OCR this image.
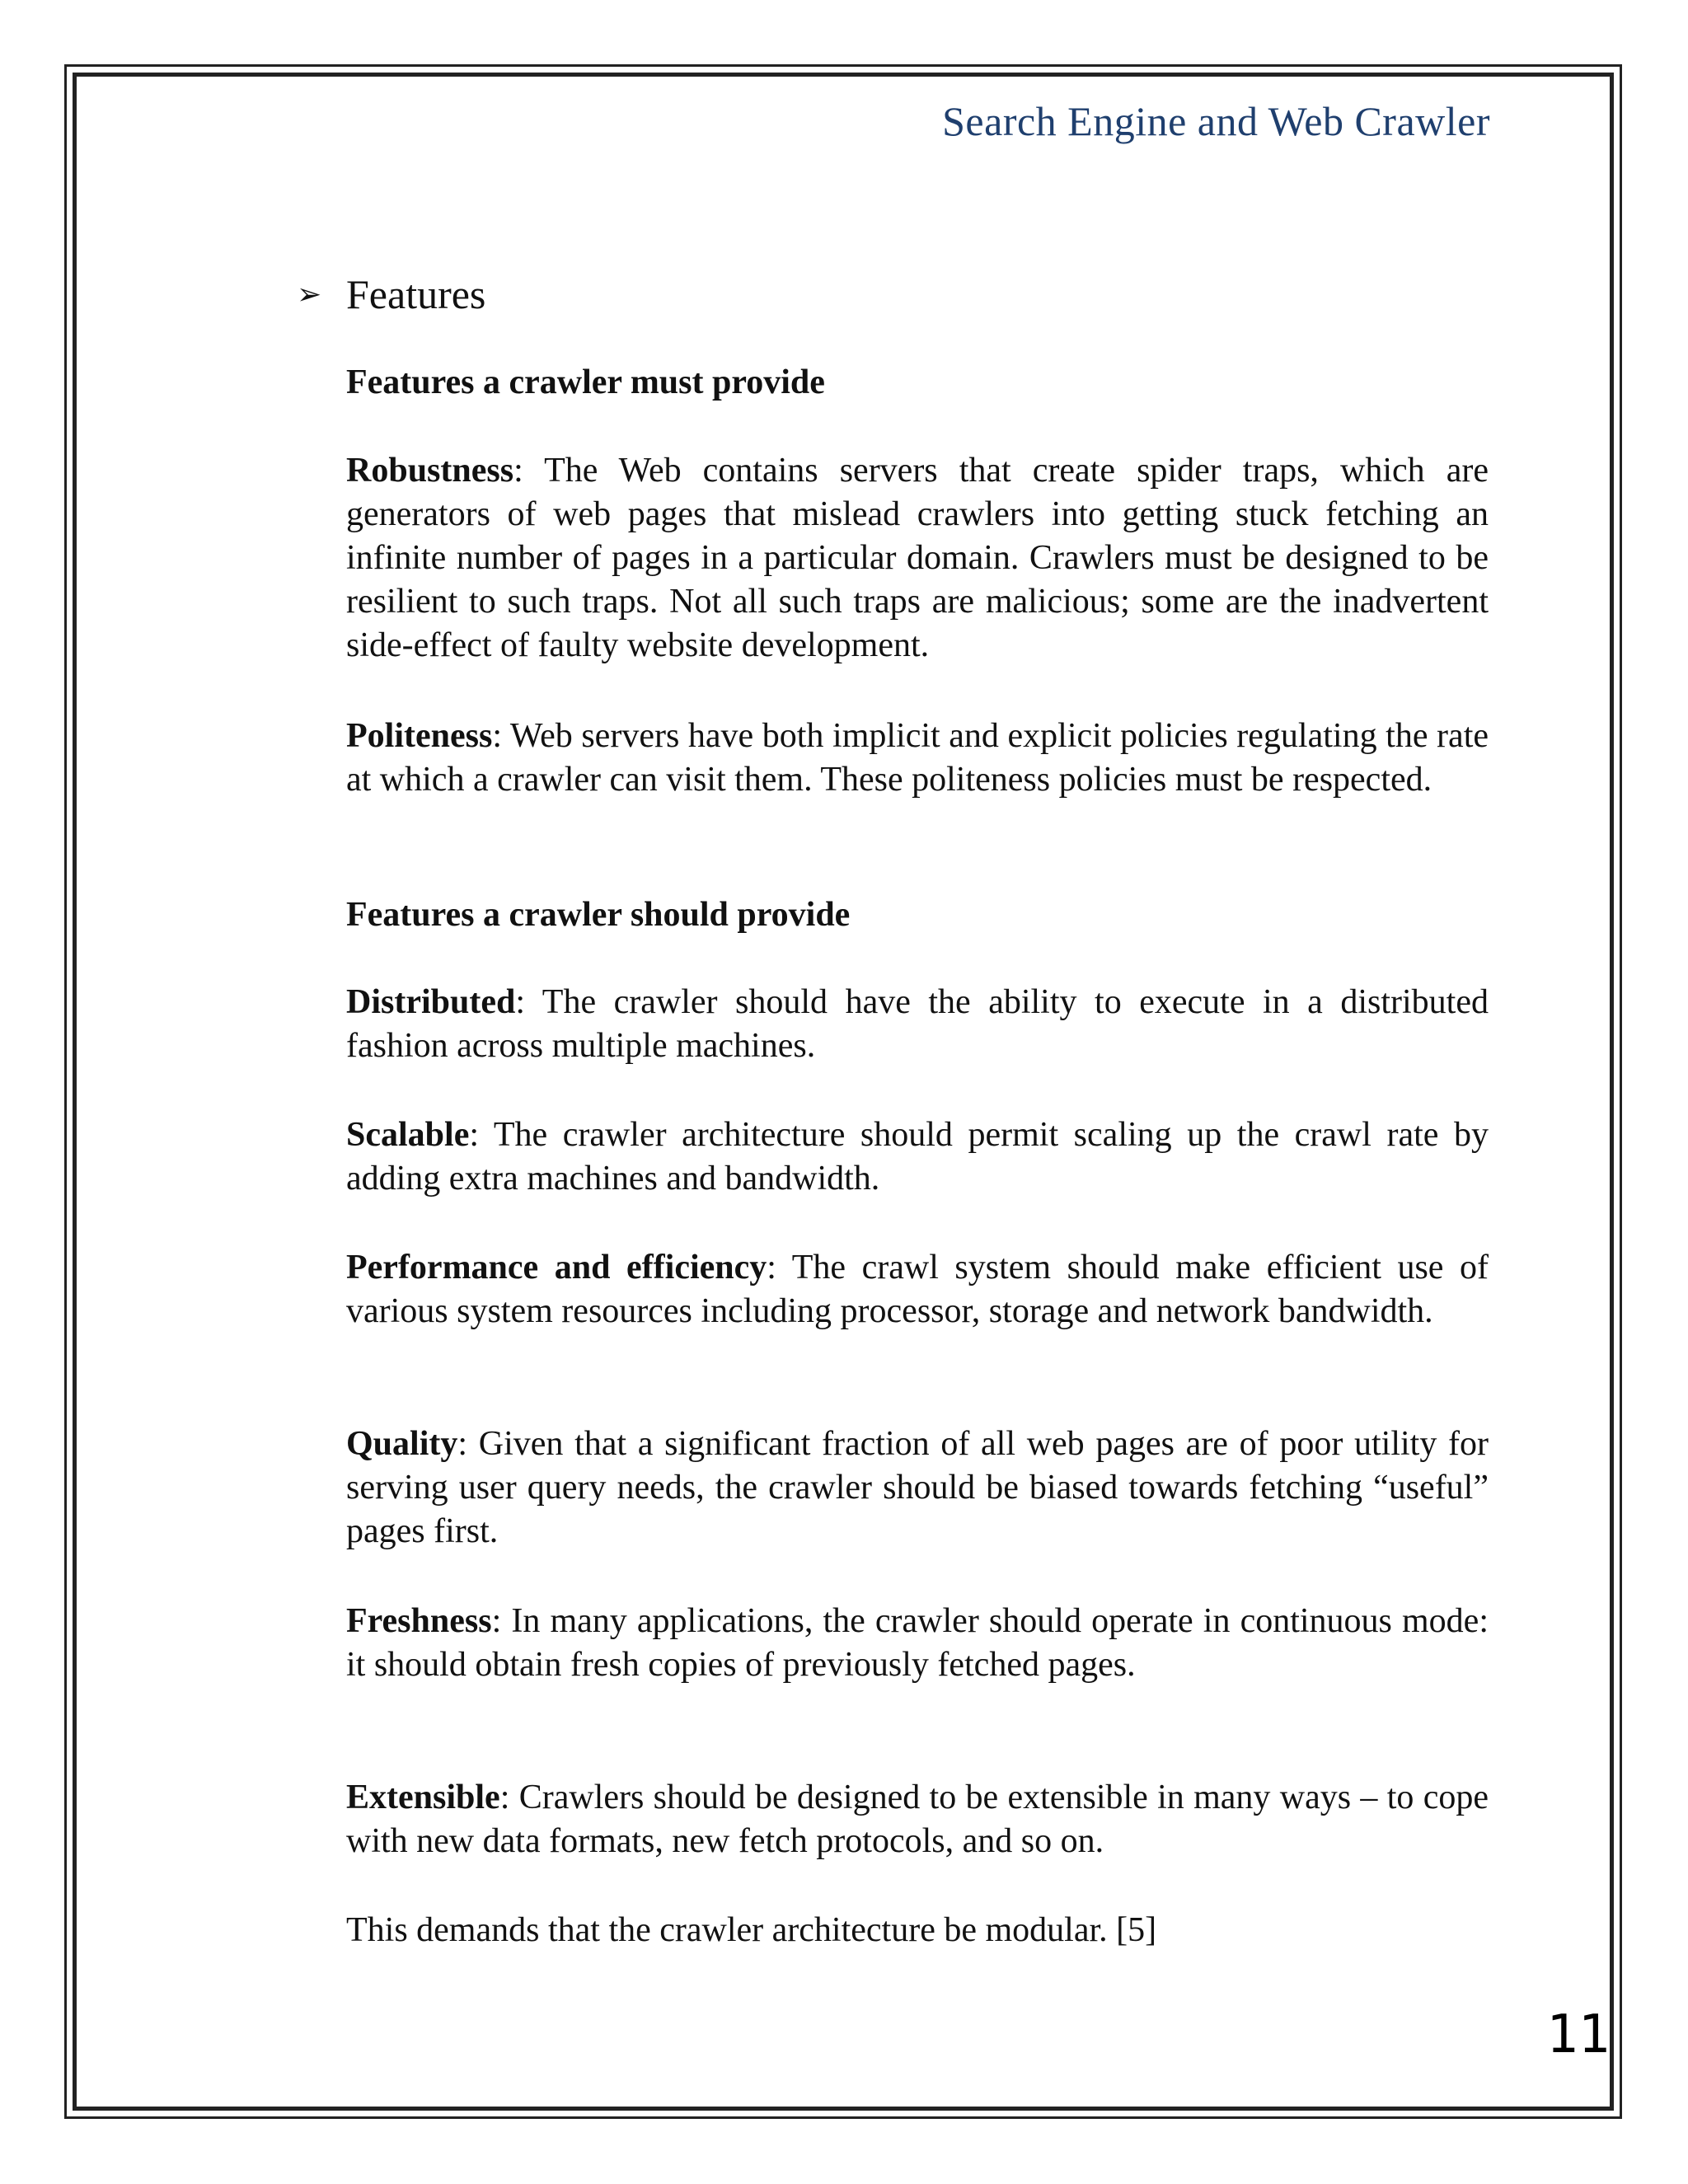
Search Engine and Web Crawler
➢ Features
Features a crawler must provide

Robustness: The Web contains servers that create spider traps, which are generators of web pages that mislead crawlers into getting stuck fetching an infinite number of pages in a particular domain. Crawlers must be designed to be resilient to such traps. Not all such traps are malicious; some are the inadvertent side-effect of faulty website development.

Politeness: Web servers have both implicit and explicit policies regulating the rate at which a crawler can visit them. These politeness policies must be respected.

Features a crawler should provide

Distributed: The crawler should have the ability to execute in a distributed fashion across multiple machines.

Scalable: The crawler architecture should permit scaling up the crawl rate by adding extra machines and bandwidth.

Performance and efficiency: The crawl system should make efficient use of various system resources including processor, storage and network bandwidth.

Quality: Given that a significant fraction of all web pages are of poor utility for serving user query needs, the crawler should be biased towards fetching “useful” pages first.

Freshness: In many applications, the crawler should operate in continuous mode: it should obtain fresh copies of previously fetched pages.

Extensible: Crawlers should be designed to be extensible in many ways – to cope with new data formats, new fetch protocols, and so on.

This demands that the crawler architecture be modular. [5]

11
